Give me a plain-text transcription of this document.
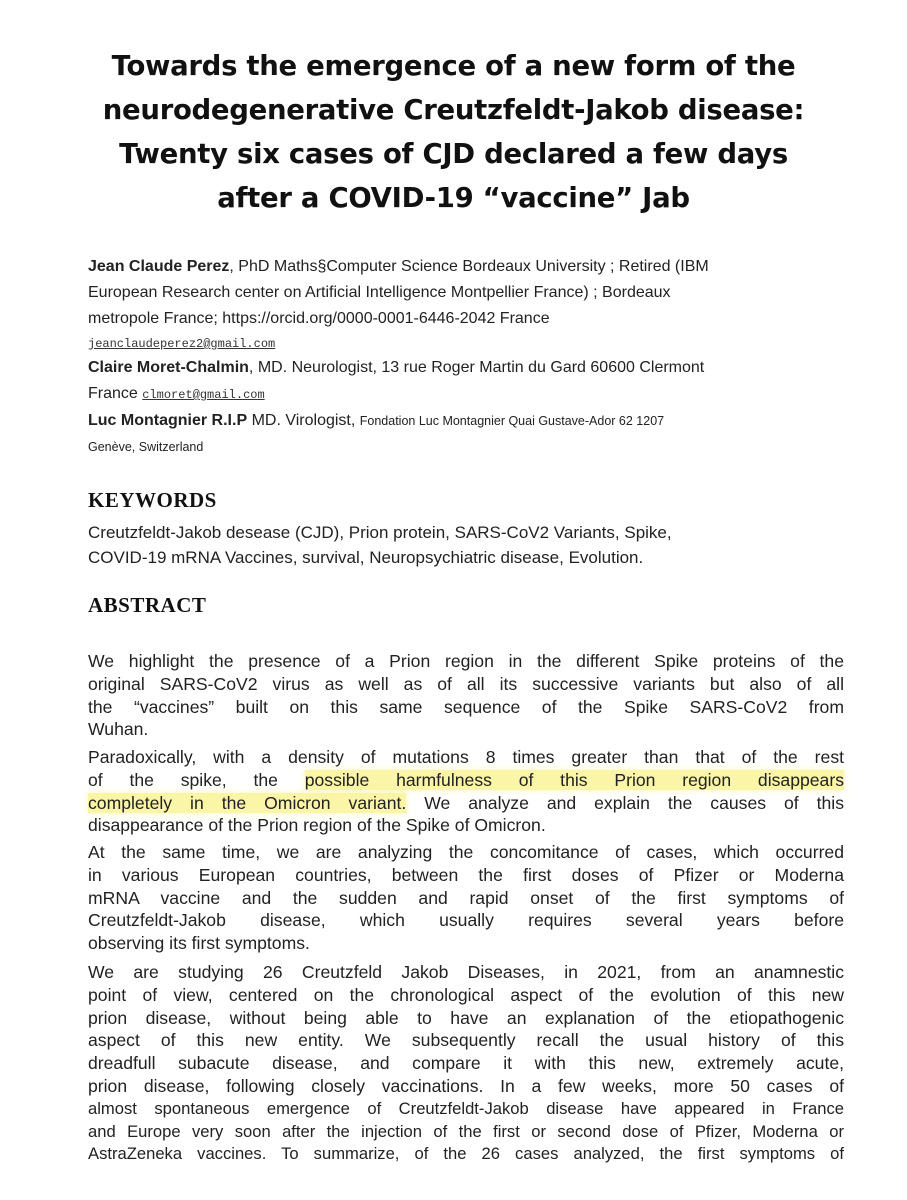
Towards the emergence of a new form of the
neurodegenerative Creutzfeldt-Jakob disease:
Twenty six cases of CJD declared a few days
after a COVID-19 “vaccine” Jab
Jean Claude Perez, PhD Maths§Computer Science Bordeaux University ; Retired (IBM
European Research center on Artificial Intelligence Montpellier France) ; Bordeaux
metropole France; https://orcid.org/0000-0001-6446-2042 France
jeanclaudeperez2@gmail.com
Claire Moret-Chalmin, MD. Neurologist, 13 rue Roger Martin du Gard 60600 Clermont
France clmoret@gmail.com
Luc Montagnier R.I.P MD. Virologist, Fondation Luc Montagnier Quai Gustave-Ador 62 1207
Genève, Switzerland
KEYWORDS
Creutzfeldt-Jakob desease (CJD), Prion protein, SARS-CoV2 Variants, Spike,
COVID-19 mRNA Vaccines, survival, Neuropsychiatric disease, Evolution.
ABSTRACT
We highlight the presence of a Prion region in the different Spike proteins of the
original SARS-CoV2 virus as well as of all its successive variants but also of all
the “vaccines” built on this same sequence of the Spike SARS-CoV2 from
Wuhan.
Paradoxically, with a density of mutations 8 times greater than that of the rest
of the spike, the possible harmfulness of this Prion region disappears
completely in the Omicron variant. We analyze and explain the causes of this
disappearance of the Prion region of the Spike of Omicron.
At the same time, we are analyzing the concomitance of cases, which occurred
in various European countries, between the first doses of Pfizer or Moderna
mRNA vaccine and the sudden and rapid onset of the first symptoms of
Creutzfeldt-Jakob disease, which usually requires several years before
observing its first symptoms.
We are studying 26 Creutzfeld Jakob Diseases, in 2021, from an anamnestic
point of view, centered on the chronological aspect of the evolution of this new
prion disease, without being able to have an explanation of the etiopathogenic
aspect of this new entity. We subsequently recall the usual history of this
dreadfull subacute disease, and compare it with this new, extremely acute,
prion disease, following closely vaccinations. In a few weeks, more 50 cases of
almost spontaneous emergence of Creutzfeldt-Jakob disease have appeared in France
and Europe very soon after the injection of the first or second dose of Pfizer, Moderna or
AstraZeneka vaccines. To summarize, of the 26 cases analyzed, the first symptoms of
